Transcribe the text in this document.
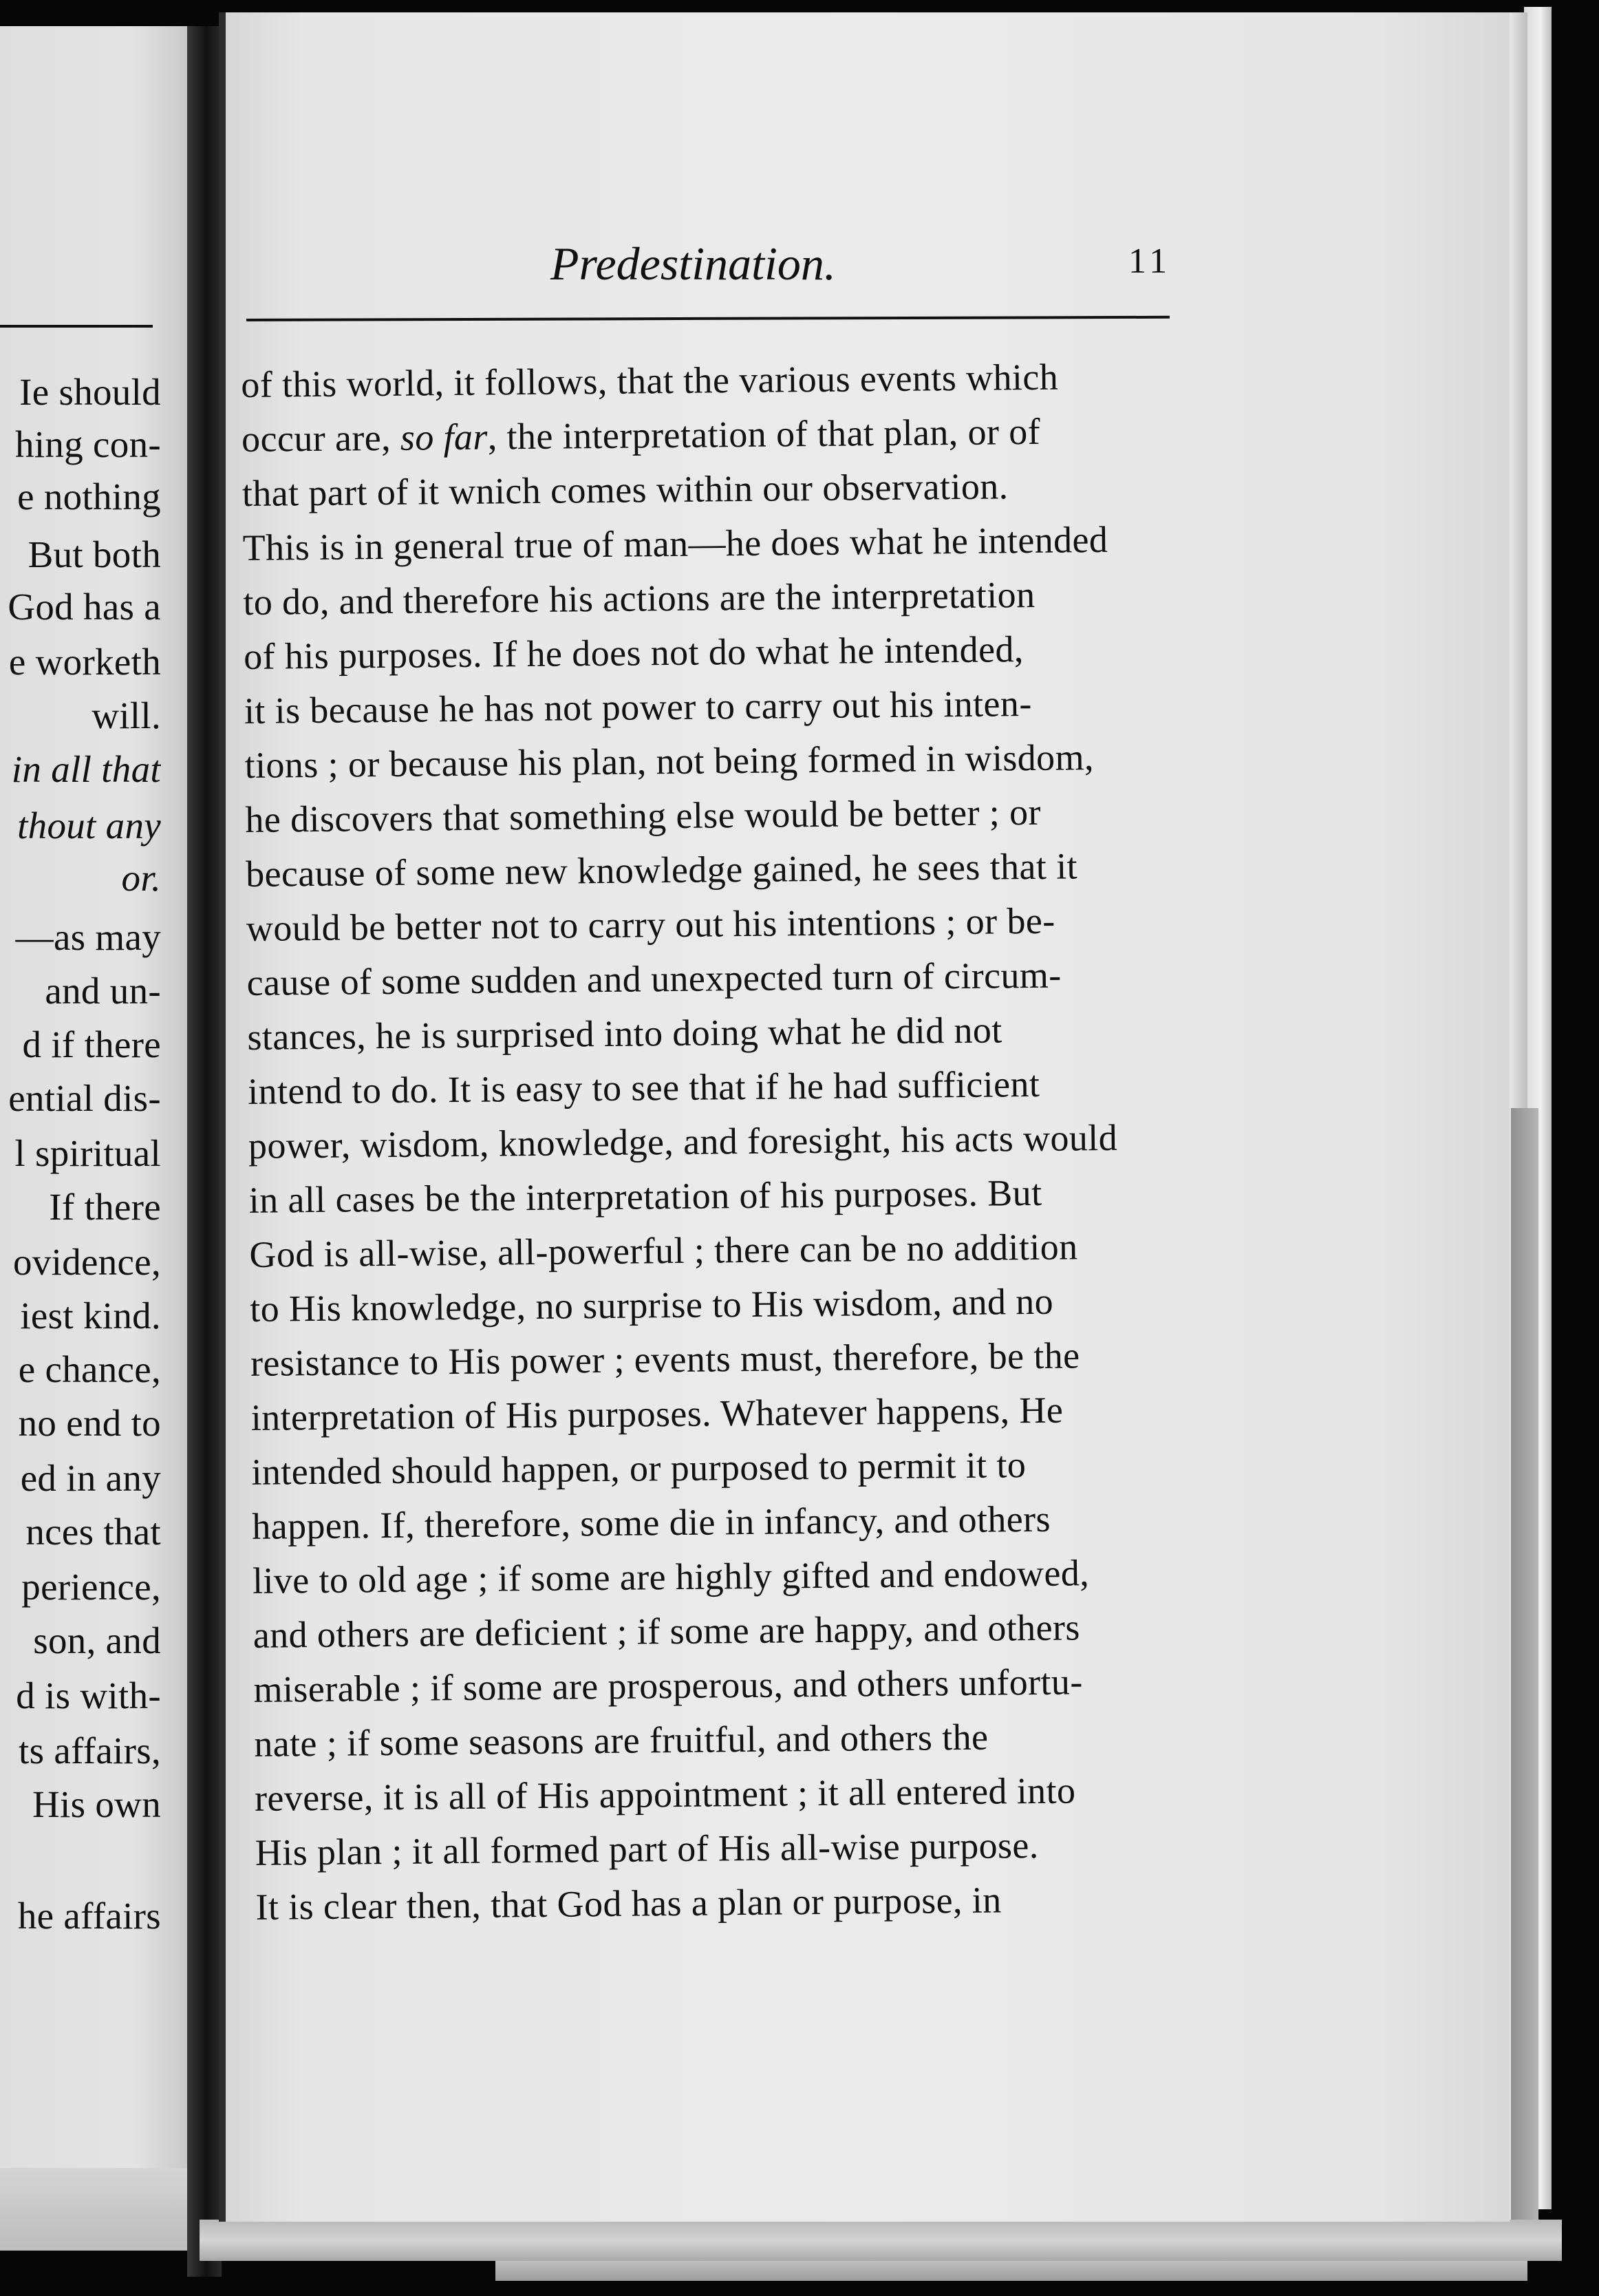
Ie should
hing con-
e nothing
But both
God has a
e worketh
will.
in all that
thout any
or.
—as may
and un-
d if there
ential dis-
l spiritual
If there
ovidence,
iest kind.
e chance,
no end to
ed in any
nces that
perience,
son, and
d is with-
ts affairs,
His own
he affairs
Predestination.	11
of this world, it follows, that the various events which
occur are, so far, the interpretation of that plan, or of
that part of it wnich comes within our observation.
This is in general true of man—he does what he intended
to do, and therefore his actions are the interpretation
of his purposes. If he does not do what he intended,
it is because he has not power to carry out his inten-
tions ; or because his plan, not being formed in wisdom,
he discovers that something else would be better ; or
because of some new knowledge gained, he sees that it
would be better not to carry out his intentions ; or be-
cause of some sudden and unexpected turn of circum-
stances, he is surprised into doing what he did not
intend to do. It is easy to see that if he had sufficient
power, wisdom, knowledge, and foresight, his acts would
in all cases be the interpretation of his purposes. But
God is all-wise, all-powerful ; there can be no addition
to His knowledge, no surprise to His wisdom, and no
resistance to His power ; events must, therefore, be the
interpretation of His purposes. Whatever happens, He
intended should happen, or purposed to permit it to
happen. If, therefore, some die in infancy, and others
live to old age ; if some are highly gifted and endowed,
and others are deficient ; if some are happy, and others
miserable ; if some are prosperous, and others unfortu-
nate ; if some seasons are fruitful, and others the
reverse, it is all of His appointment ; it all entered into
His plan ; it all formed part of His all-wise purpose.
It is clear then, that God has a plan or purpose, in
